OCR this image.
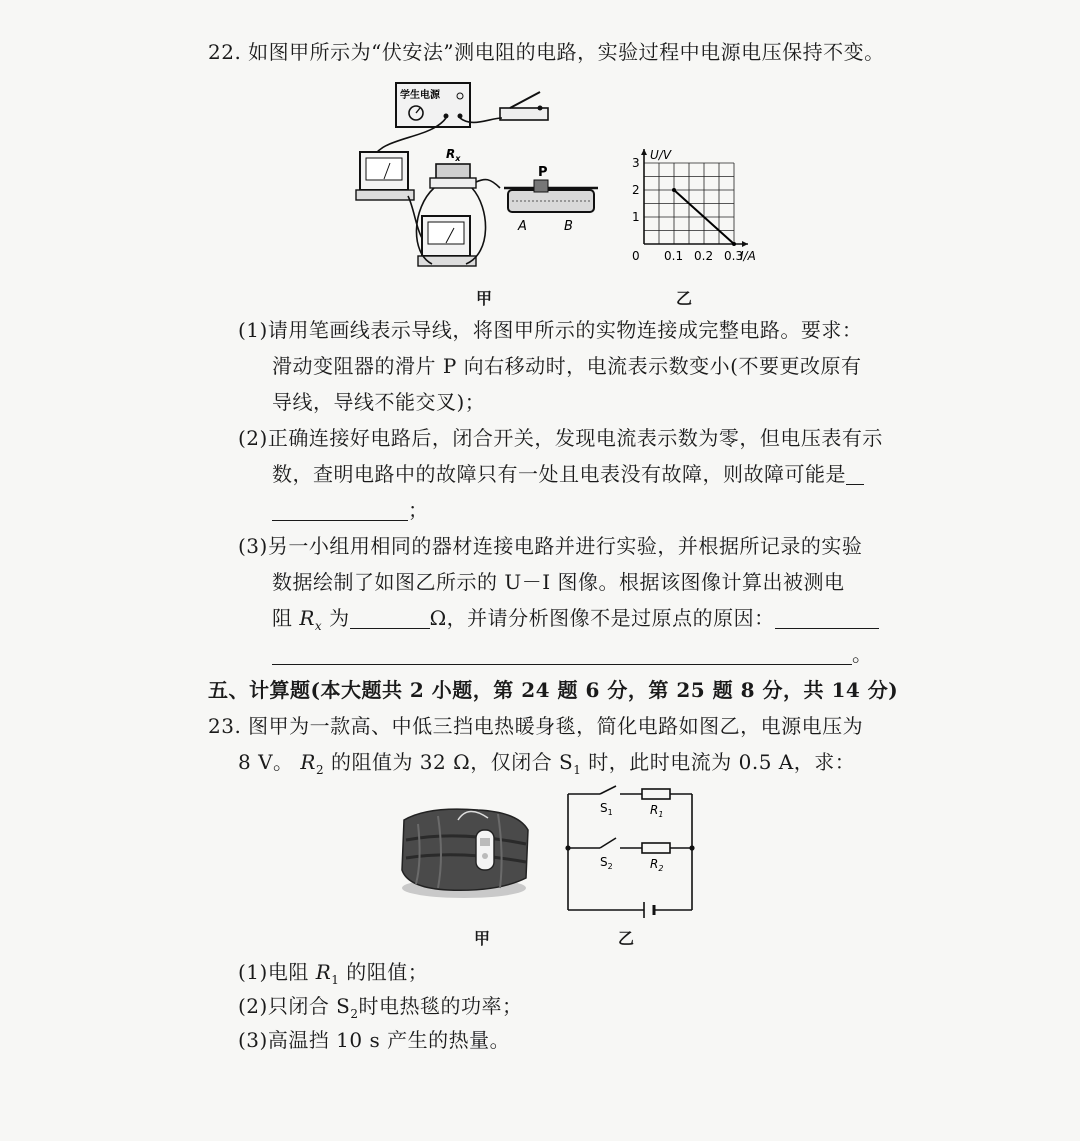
22. 如图甲所示为“伏安法”测电阻的电路，实验过程中电源电压保持不变。
学生电源
$R_x$
P
A	B
甲
U/V
I/A
0 0.1 0.2 0.3
1
2
3
乙
(1)请用笔画线表示导线，将图甲所示的实物连接成完整电路。要求：
滑动变阻器的滑片 P 向右移动时，电流表示数变小(不要更改原有
导线，导线不能交叉)；
(2)正确连接好电路后，闭合开关，发现电流表示数为零，但电压表有示
数，查明电路中的故障只有一处且电表没有故障，则故障可能是
；
(3)另一小组用相同的器材连接电路并进行实验，并根据所记录的实验
数据绘制了如图乙所示的 U－I 图像。根据该图像计算出被测电
阻 $R_x$ 为	Ω，并请分析图像不是过原点的原因：
。
五、计算题(本大题共 2 小题，第 24 题 6 分，第 25 题 8 分，共 14 分)
23. 图甲为一款高、中低三挡电热暖身毯，简化电路如图乙，电源电压为
8 V。 $R_2$ 的阻值为 32 Ω，仅闭合 $S_1$ 时，此时电流为 0.5 A，求：
甲
$S_1$	$R_1$
$S_2$	$R_2$
乙
(1)电阻 $R_1$ 的阻值；
(2)只闭合 $S_2$时电热毯的功率；
(3)高温挡 10 s 产生的热量。
